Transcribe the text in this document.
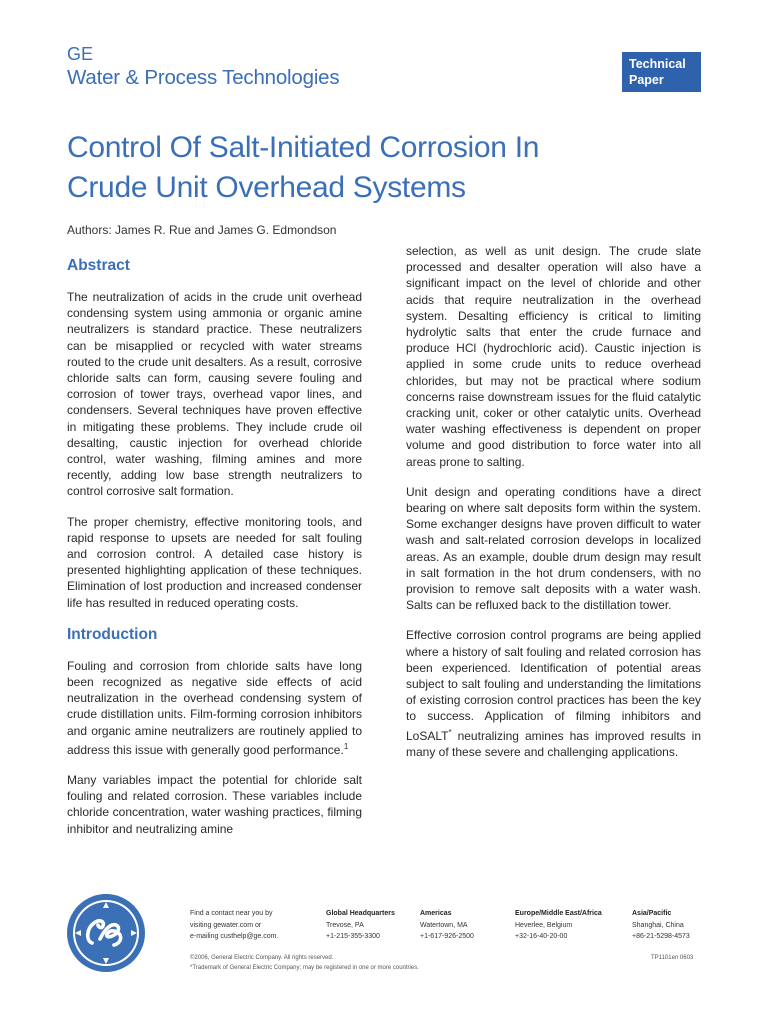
GE
Water & Process Technologies
Technical
Paper
Control Of Salt-Initiated Corrosion In
Crude Unit Overhead Systems
Authors: James R. Rue and James G. Edmondson
Abstract

The neutralization of acids in the crude unit overhead condensing system using ammonia or organic amine neutralizers is standard practice. These neutralizers can be misapplied or recycled with water streams routed to the crude unit desalters. As a result, corrosive chloride salts can form, causing severe fouling and corrosion of tower trays, overhead vapor lines, and condensers. Several techniques have proven effective in mitigating these problems. They include crude oil desalting, caustic injection for overhead chloride control, water washing, filming amines and more recently, adding low base strength neutralizers to control corrosive salt formation.

The proper chemistry, effective monitoring tools, and rapid response to upsets are needed for salt fouling and corrosion control. A detailed case history is presented highlighting application of these techniques. Elimination of lost production and increased condenser life has resulted in reduced operating costs.

Introduction

Fouling and corrosion from chloride salts have long been recognized as negative side effects of acid neutralization in the overhead condensing system of crude distillation units. Film-forming corrosion inhibitors and organic amine neutralizers are routinely applied to address this issue with generally good performance.$^1$

Many variables impact the potential for chloride salt fouling and related corrosion. These variables include chloride concentration, water washing practices, filming inhibitor and neutralizing amine

selection, as well as unit design. The crude slate processed and desalter operation will also have a significant impact on the level of chloride and other acids that require neutralization in the overhead system. Desalting efficiency is critical to limiting hydrolytic salts that enter the crude furnace and produce HCl (hydrochloric acid). Caustic injection is applied in some crude units to reduce overhead chlorides, but may not be practical where sodium concerns raise downstream issues for the fluid catalytic cracking unit, coker or other catalytic units. Overhead water washing effectiveness is dependent on proper volume and good distribution to force water into all areas prone to salting.

Unit design and operating conditions have a direct bearing on where salt deposits form within the system. Some exchanger designs have proven difficult to water wash and salt-related corrosion develops in localized areas. As an example, double drum design may result in salt formation in the hot drum condensers, with no provision to remove salt deposits with a water wash. Salts can be refluxed back to the distillation tower.

Effective corrosion control programs are being applied where a history of salt fouling and related corrosion has been experienced. Identification of potential areas subject to salt fouling and understanding the limitations of existing corrosion control practices has been the key to success. Application of filming inhibitors and LoSALT* neutralizing amines has improved results in many of these severe and challenging applications.

Find a contact near you by
visiting gewater.com or
e-mailing custhelp@ge.com.
Global Headquarters
Trevose, PA
+1-215-355-3300
Americas
Watertown, MA
+1-617-926-2500
Europe/Middle East/Africa
Heverlee, Belgium
+32-16-40-20-00
Asia/Pacific
Shanghai, China
+86-21-5298-4573
©2006, General Electric Company. All rights reserved.
*Trademark of General Electric Company; may be registered in one or more countries.
TP1101en 0603
